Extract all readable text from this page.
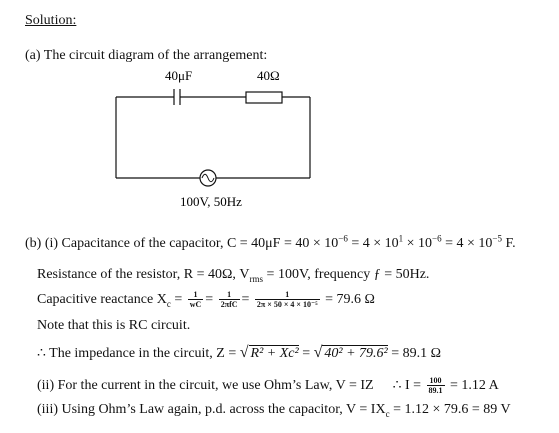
Solution:
(a) The circuit diagram of the arrangement:
40μF	40Ω
100V, 50Hz
(b) (i) Capacitance of the capacitor, $C = 40\mu F = 40 \times 10^{-6} = 4 \times 10^1 \times 10^{-6} = 4 \times 10^{-5}$ F.
Resistance of the resistor, R = 40Ω, $V_{rms} = 100V$, frequency ƒ = 50Hz.
Capacitive reactance $X_c = \frac{1}{wC}$ =	1
$2\pi fC = \frac{1}{\text{2π × 50 × 4 × 10⁻⁵}} = 79.6$ Ω
Note that this is RC circuit.
∴ The impedance in the circuit, Z = √ R² + Xc² = √ 40² + 79.6² = 89.1 Ω
(ii) For the current in the circuit, we use Ohm’s Law, V = IZ ∴ $I = \frac{100}{89.1} = 1.12$ A
(iii) Using Ohm’s Law again, p.d. across the capacitor, $V = IX_c = 1.12 \times 79.6 = 89$ V
